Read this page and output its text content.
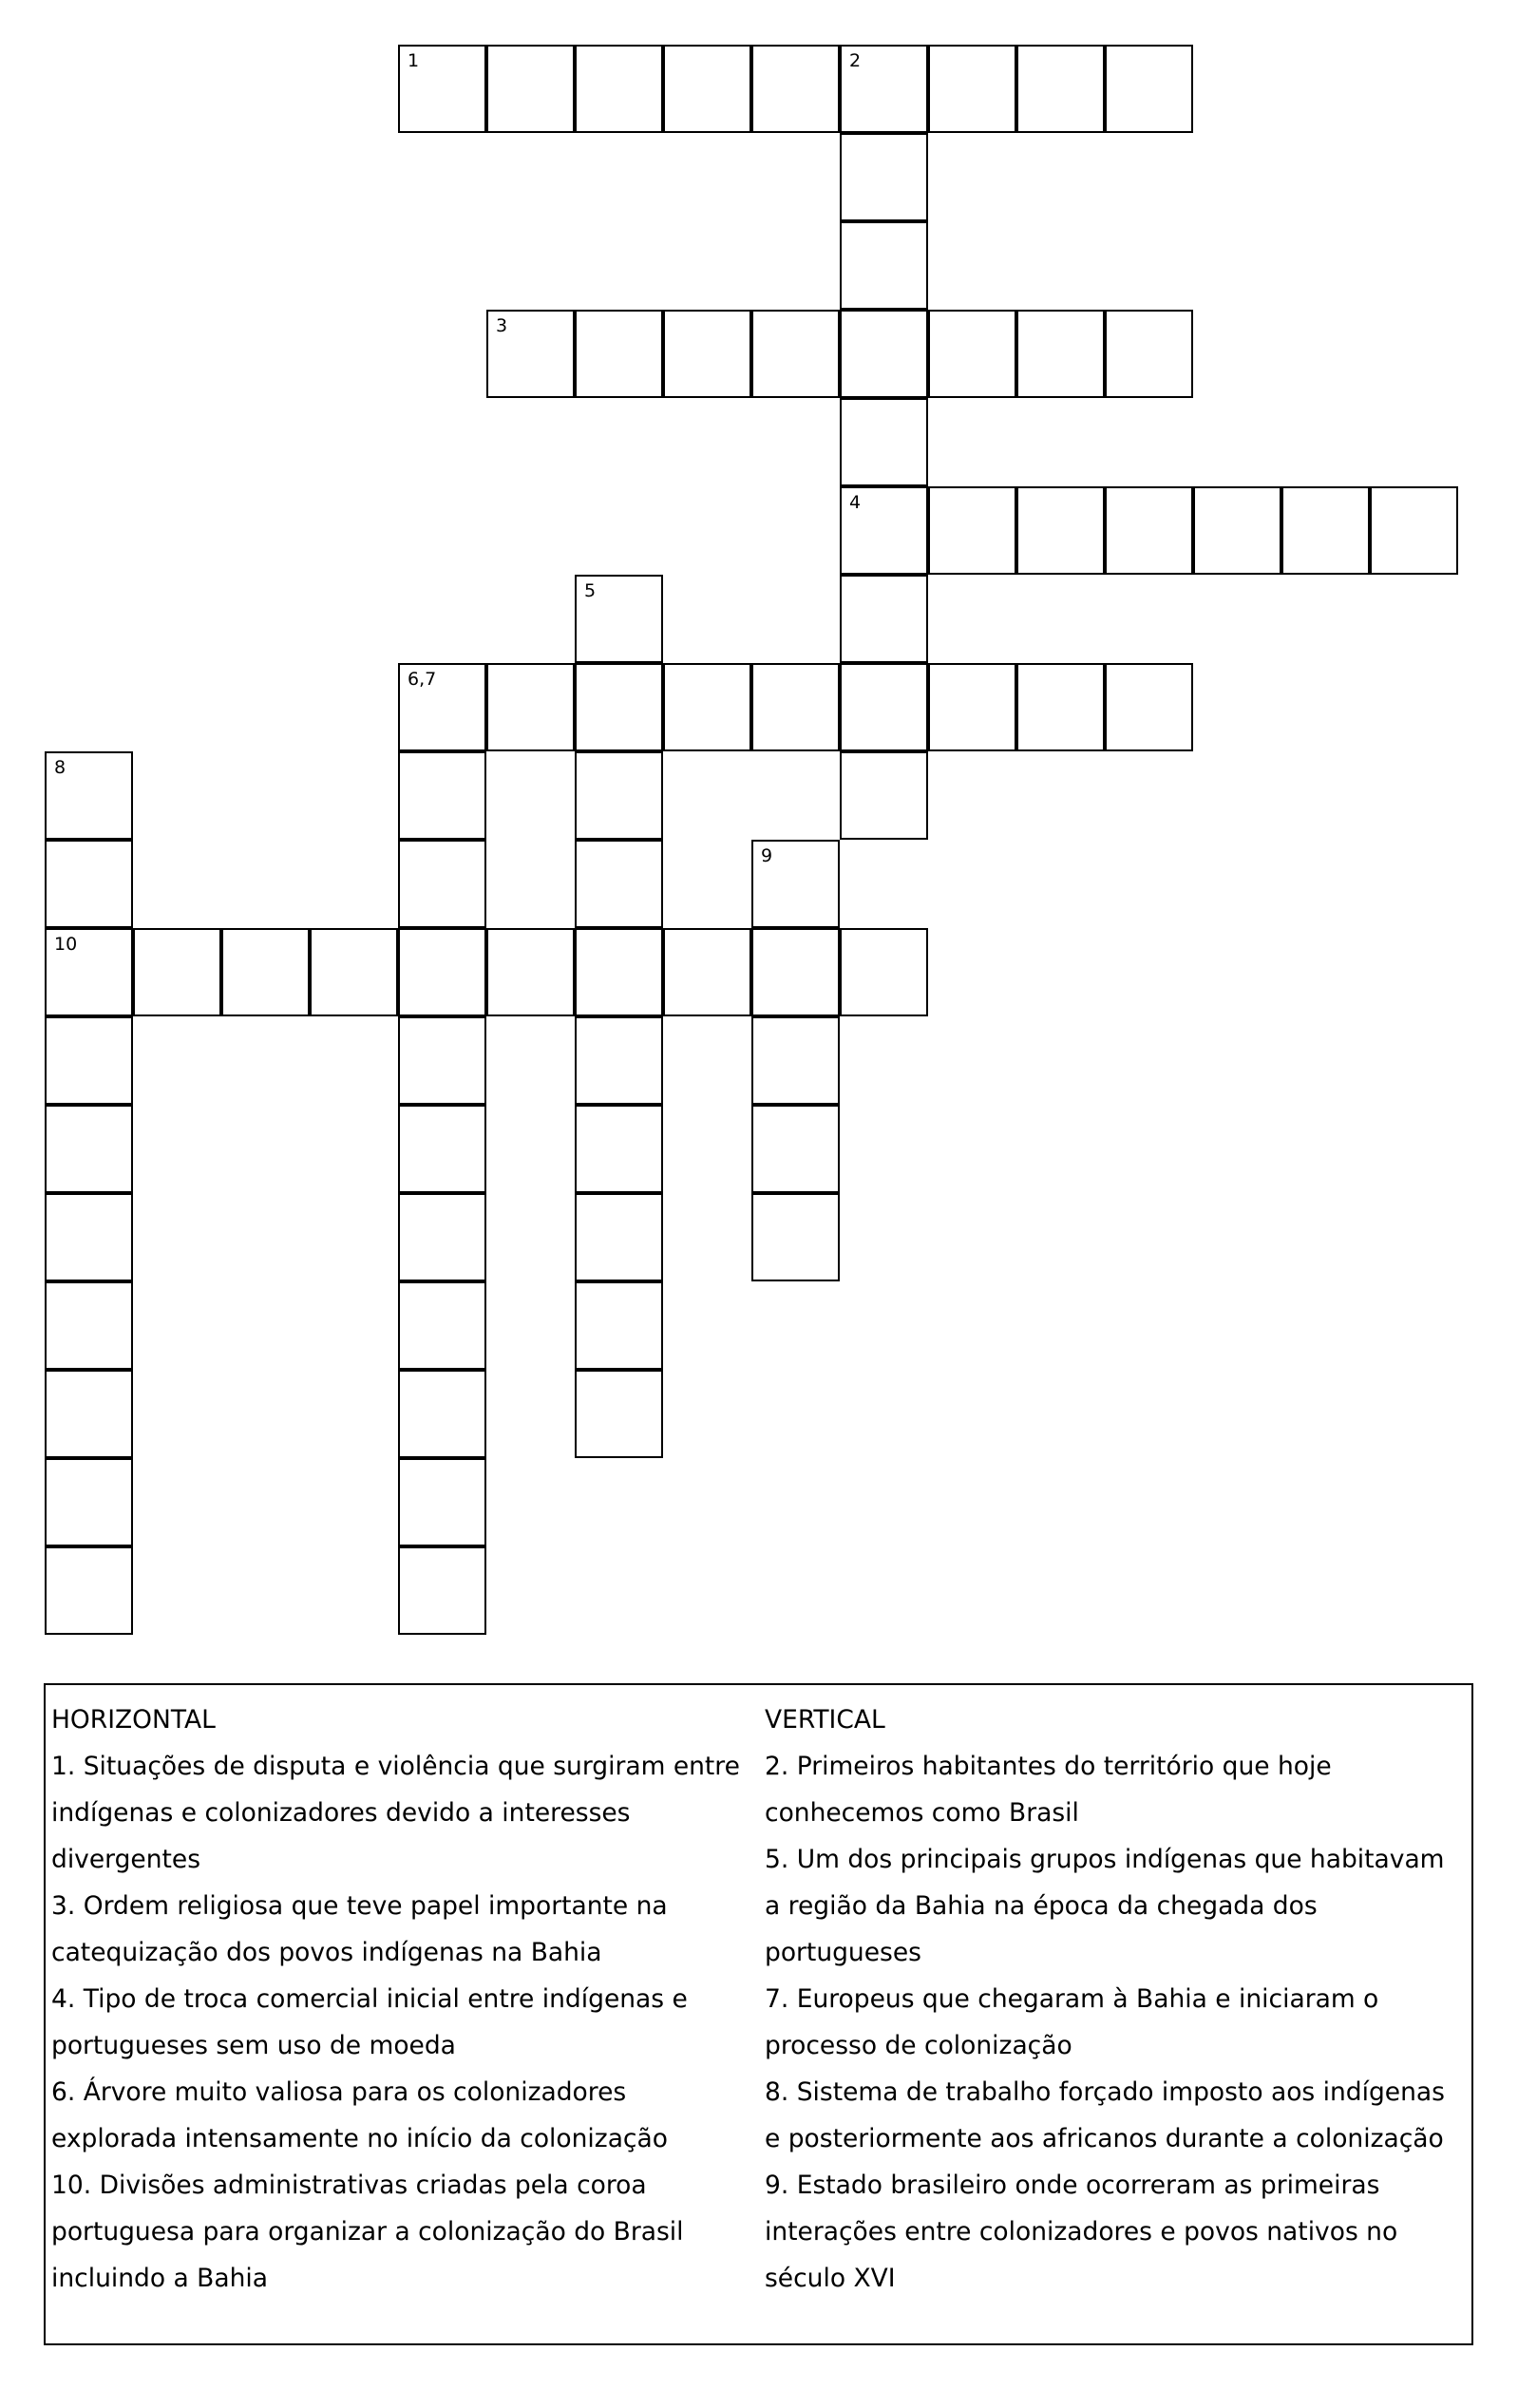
1	2
4
3
5
6,7
8
10
9
HORIZONTAL
1. Situações de disputa e violência que surgiram entre
indígenas e colonizadores devido a interesses
divergentes
3. Ordem religiosa que teve papel importante na
catequização dos povos indígenas na Bahia
4. Tipo de troca comercial inicial entre indígenas e
portugueses sem uso de moeda
6. Árvore muito valiosa para os colonizadores
explorada intensamente no início da colonização
10. Divisões administrativas criadas pela coroa
portuguesa para organizar a colonização do Brasil
incluindo a Bahia
VERTICAL
2. Primeiros habitantes do território que hoje
conhecemos como Brasil
5. Um dos principais grupos indígenas que habitavam
a região da Bahia na época da chegada dos
portugueses
7. Europeus que chegaram à Bahia e iniciaram o
processo de colonização
8. Sistema de trabalho forçado imposto aos indígenas
e posteriormente aos africanos durante a colonização
9. Estado brasileiro onde ocorreram as primeiras
interações entre colonizadores e povos nativos no
século XVI
